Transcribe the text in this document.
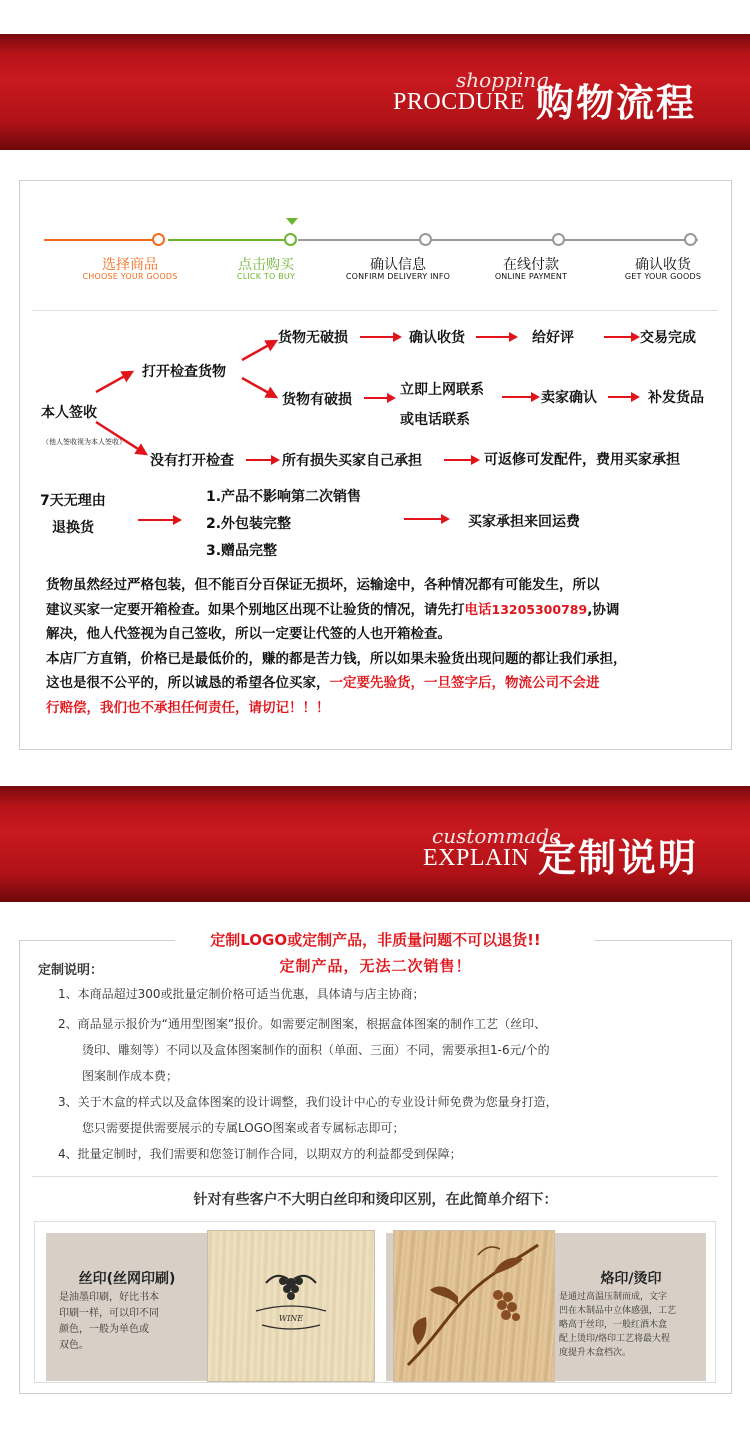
shopping
PROCDURE 购物流程
选择商品
CHOOSE YOUR GOODS
点击购买
CLICK TO BUY
确认信息
CONFIRM DELIVERY INFO
在线付款
ONLINE PAYMENT
确认收货
GET YOUR GOODS
本人签收
（他人签收视为本人签收）
打开检查货物
货物无破损	确认收货	给好评	交易完成
货物有破损
立即上网联系
或电话联系
卖家确认	补发货品
没有打开检查	所有损失买家自己承担	可返修可发配件，费用买家承担
7天无理由
退换货
1.产品不影响第二次销售
2.外包装完整
3.赠品完整
买家承担来回运费
货物虽然经过严格包装，但不能百分百保证无损坏，运输途中，各种情况都有可能发生，所以
建议买家一定要开箱检查。如果个别地区出现不让验货的情况，请先打电话13205300789,协调
解决，他人代签视为自己签收，所以一定要让代签的人也开箱检查。
本店厂方直销，价格已是最低价的，赚的都是苦力钱，所以如果未验货出现问题的都让我们承担，
这也是很不公平的，所以诚恳的希望各位买家，一定要先验货，一旦签字后，物流公司不会进
行赔偿，我们也不承担任何责任，请切记！！！
custommade
EXPLAIN 定制说明
定制LOGO或定制产品，非质量问题不可以退货!!
定制产品，无法二次销售！
定制说明：
1、本商品超过300或批量定制价格可适当优惠，具体请与店主协商；
2、商品显示报价为“通用型图案”报价。如需要定制图案，根据盒体图案的制作工艺（丝印、
烫印、雕刻等）不同以及盒体图案制作的面积（单面、三面）不同，需要承担1-6元/个的
图案制作成本费；
3、关于木盒的样式以及盒体图案的设计调整，我们设计中心的专业设计师免费为您量身打造，
您只需要提供需要展示的专属LOGO图案或者专属标志即可；
4、批量定制时，我们需要和您签订制作合同，以期双方的利益都受到保障；
针对有些客户不大明白丝印和烫印区别，在此简单介绍下：
丝印(丝网印刷)
是油墨印刷，好比书本
印刷一样，可以印不同
颜色，一般为单色或
双色。
WINE
烙印/烫印
是通过高温压制而成，文字
凹在木制品中立体感强，工艺
略高于丝印，一般红酒木盒
配上烫印/烙印工艺将最大程
度提升木盒档次。
